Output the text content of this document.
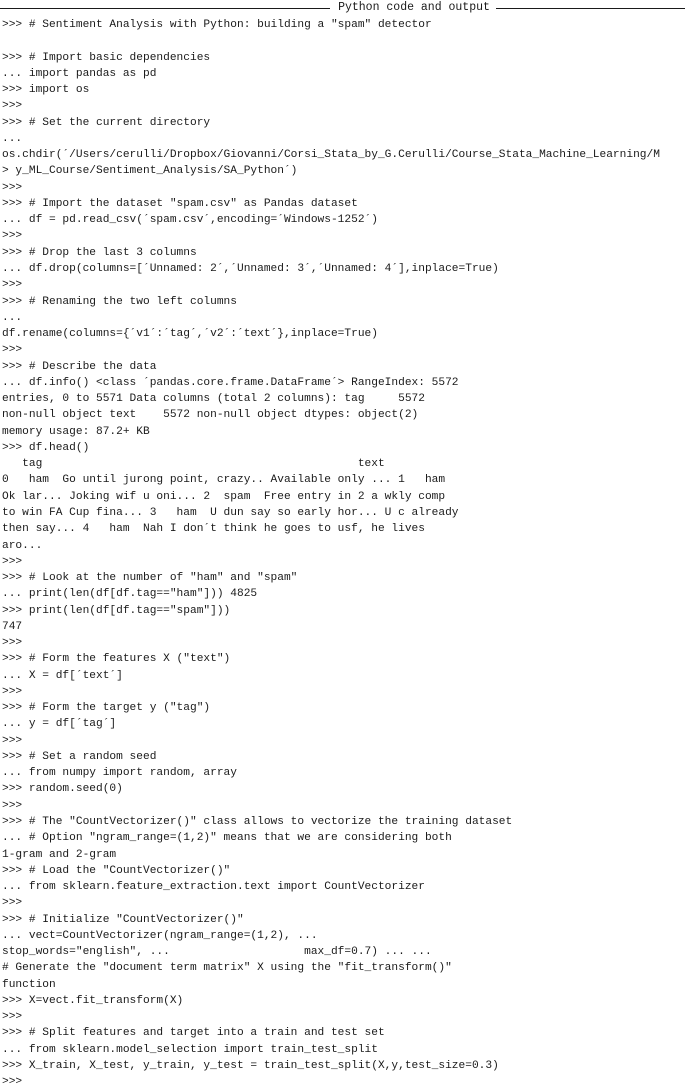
Python code and output
>>> # Sentiment Analysis with Python: building a "spam" detector
>>> # Import basic dependencies
... import pandas as pd
>>> import os
>>>
>>> # Set the current directory
...
os.chdir(´/Users/cerulli/Dropbox/Giovanni/Corsi_Stata_by_G.Cerulli/Course_Stata_Machine_Learning/M
> y_ML_Course/Sentiment_Analysis/SA_Python´)
>>>
>>> # Import the dataset "spam.csv" as Pandas dataset
... df = pd.read_csv(´spam.csv´,encoding=´Windows-1252´)
>>>
>>> # Drop the last 3 columns
... df.drop(columns=[´Unnamed: 2´,´Unnamed: 3´,´Unnamed: 4´],inplace=True)
>>>
>>> # Renaming the two left columns
...
df.rename(columns={´v1´:´tag´,´v2´:´text´},inplace=True)
>>>
>>> # Describe the data
... df.info() <class ´pandas.core.frame.DataFrame´> RangeIndex: 5572
entries, 0 to 5571 Data columns (total 2 columns): tag     5572
non-null object text    5572 non-null object dtypes: object(2)
memory usage: 87.2+ KB
>>> df.head()
tag                                               text
0   ham  Go until jurong point, crazy.. Available only ... 1   ham
Ok lar... Joking wif u oni... 2  spam  Free entry in 2 a wkly comp
to win FA Cup fina... 3   ham  U dun say so early hor... U c already
then say... 4   ham  Nah I don´t think he goes to usf, he lives
aro...
>>>
>>> # Look at the number of "ham" and "spam"
... print(len(df[df.tag=="ham"])) 4825
>>> print(len(df[df.tag=="spam"]))
747
>>>
>>> # Form the features X ("text")
... X = df[´text´]
>>>
>>> # Form the target y ("tag")
... y = df[´tag´]
>>>
>>> # Set a random seed
... from numpy import random, array
>>> random.seed(0)
>>>
>>> # The "CountVectorizer()" class allows to vectorize the training dataset
... # Option "ngram_range=(1,2)" means that we are considering both
1-gram and 2-gram
>>> # Load the "CountVectorizer()"
... from sklearn.feature_extraction.text import CountVectorizer
>>>
>>> # Initialize "CountVectorizer()"
... vect=CountVectorizer(ngram_range=(1,2), ...
stop_words="english", ...                    max_df=0.7) ... ...
# Generate the "document term matrix" X using the "fit_transform()"
function
>>> X=vect.fit_transform(X)
>>>
>>> # Split features and target into a train and test set
... from sklearn.model_selection import train_test_split
>>> X_train, X_test, y_train, y_test = train_test_split(X,y,test_size=0.3)
>>>
